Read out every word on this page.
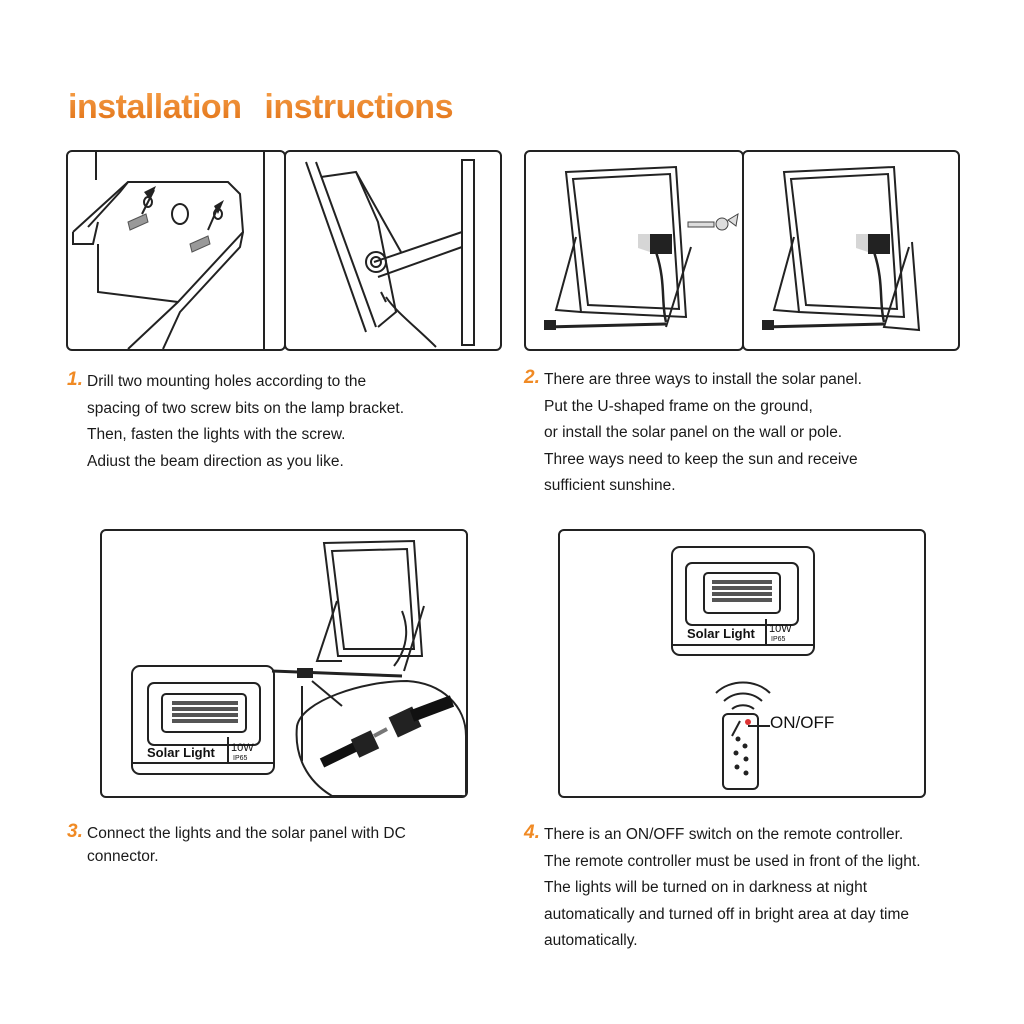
installation instructions
1. Drill two mounting holes according to the
spacing of two screw bits on the lamp bracket.
Then, fasten the lights with the screw.
Adiust the beam direction as you like.
2. There are three ways to install the solar panel.
Put the U-shaped frame on the ground,
or install the solar panel on the wall or pole.
Three ways need to keep the sun and receive
sufficient sunshine.
Solar Light 10W
IP65
Solar Light 10W
IP65
ON/OFF
3. Connect the lights and the solar panel with DC
connector.
4. There is an ON/OFF switch on the remote controller.
The remote controller must be used in front of the light.
The lights will be turned on in darkness at night
automatically and turned off in bright area at day time
automatically.
